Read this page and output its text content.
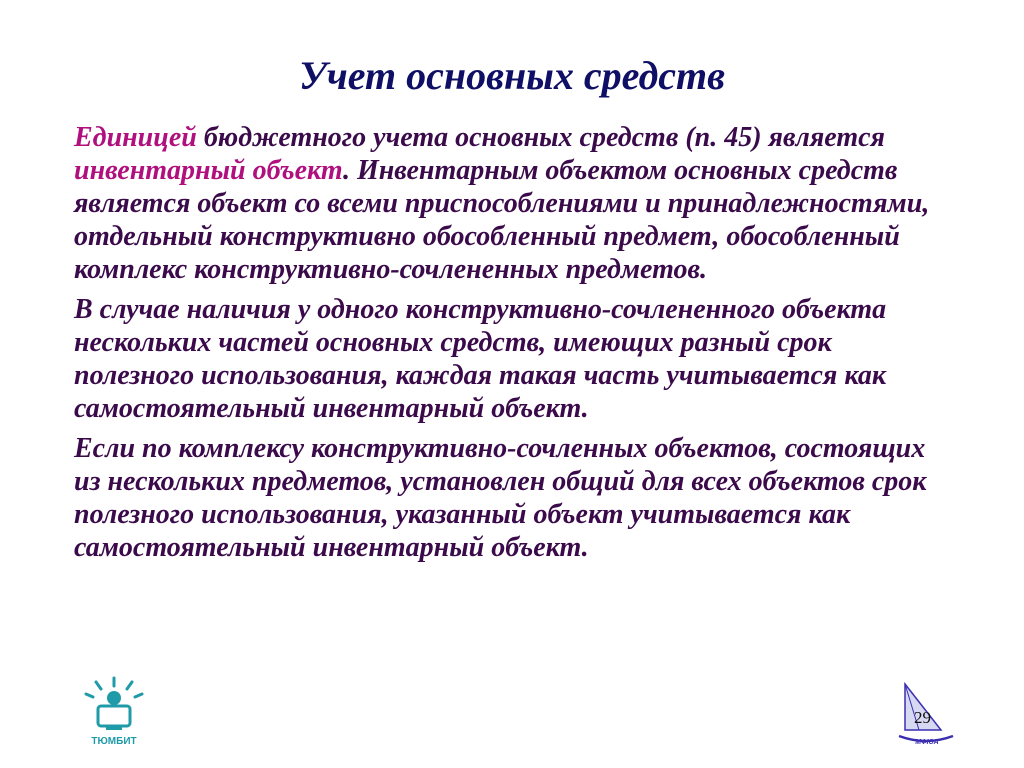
Учет основных средств

Единицей бюджетного учета основных средств (п. 45) является инвентарный объект. Инвентарным объектом основных средств является объект со всеми приспособлениями и принадлежностями, отдельный конструктивно обособленный предмет, обособленный комплекс конструктивно-сочлененных предметов.

В случае наличия у одного конструктивно-сочлененного объекта нескольких частей основных средств, имеющих разный срок полезного использования, каждая такая часть учитывается как самостоятельный инвентарный объект.

Если по комплексу конструктивно-сочленных объектов, состоящих из нескольких предметов, установлен общий для всех объектов срок полезного использования, указанный объект учитывается как самостоятельный инвентарный объект.

ТЮМБИТ	МФЮА
29
